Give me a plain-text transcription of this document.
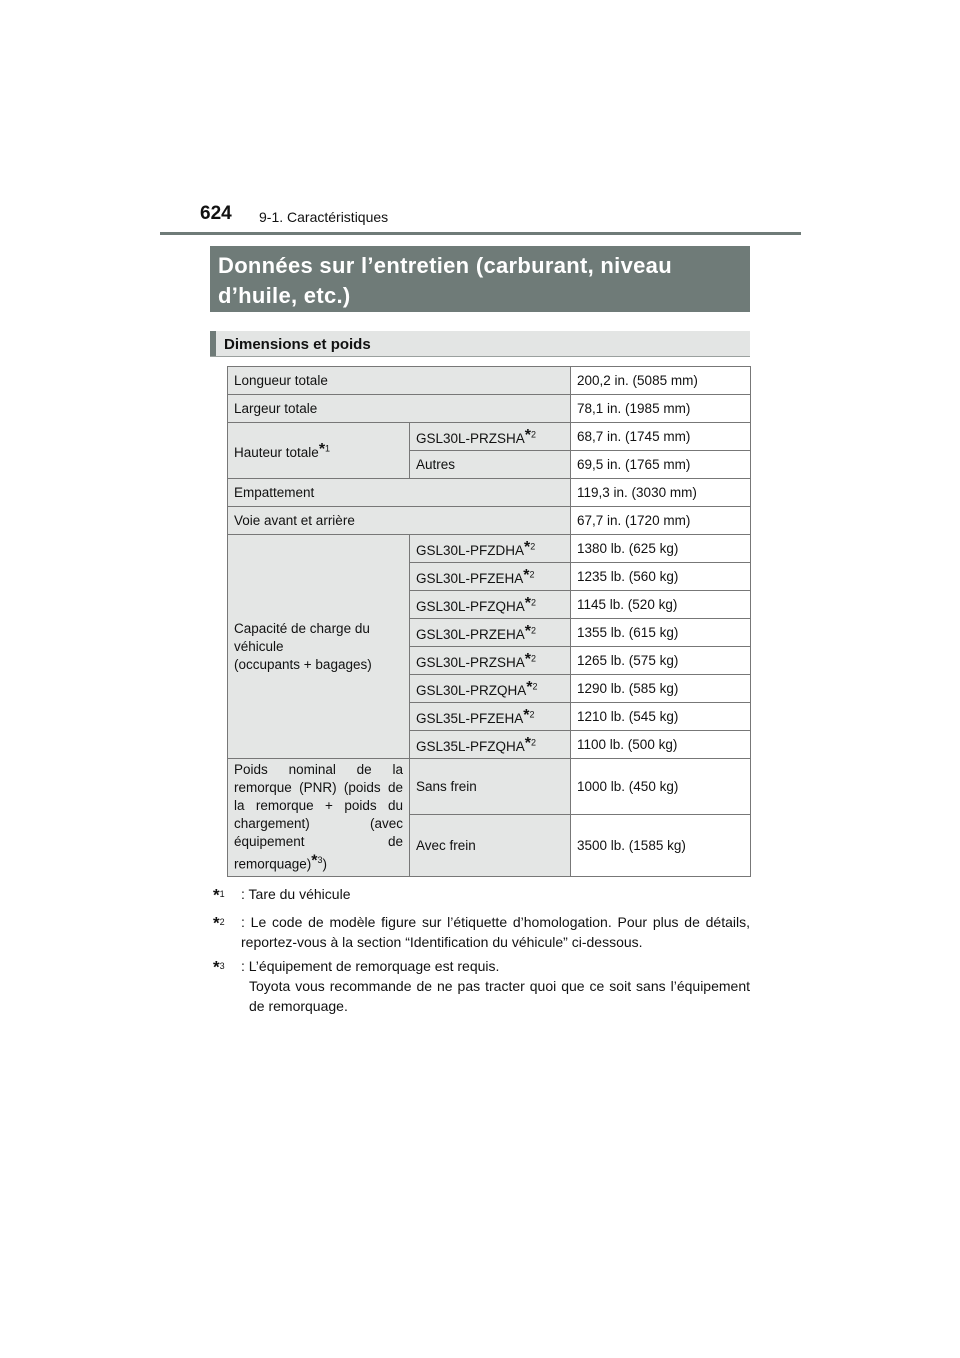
624 9-1. Caractéristiques
Données sur l’entretien (carburant, niveau d’huile, etc.)
Dimensions et poids
Longueur totale		200,2 in. (5085 mm)
Largeur totale		78,1 in. (1985 mm)
Hauteur totale*$^1$	GSL30L-PRZSHA*$^2$	68,7 in. (1745 mm)
	Autres	69,5 in. (1765 mm)
Empattement		119,3 in. (3030 mm)
Voie avant et arrière		67,7 in. (1720 mm)

Capacité de charge du
véhicule
(occupants + bagages)	GSL30L-PFZDHA*$^2$	1380 lb. (625 kg)
	GSL30L-PFZEHA*$^2$	1235 lb. (560 kg)
	GSL30L-PFZQHA*$^2$	1145 lb. (520 kg)
	GSL30L-PRZEHA*$^2$	1355 lb. (615 kg)
	GSL30L-PRZSHA*$^2$	1265 lb. (575 kg)
	GSL30L-PRZQHA*$^2$	1290 lb. (585 kg)
	GSL35L-PFZEHA*$^2$	1210 lb. (545 kg)
	GSL35L-PFZQHA*$^2$	1100 lb. (500 kg)
Poids nominal de la remorque (PNR) (poids de la remorque + poids du chargement) (avec équipement de remorquage)*$^3$)	Sans frein	1000 lb. (450 kg)
	Avec frein	3500 lb. (1585 kg)
*$^1$	: Tare du véhicule
*$^2$	: Le code de modèle figure sur l’étiquette d’homologation. Pour plus de détails, reportez-vous à la section “Identification du véhicule” ci-dessous.
*$^3$	: L’équipement de remorquage est requis.
Toyota vous recommande de ne pas tracter quoi que ce soit sans l’équipement de remorquage.
